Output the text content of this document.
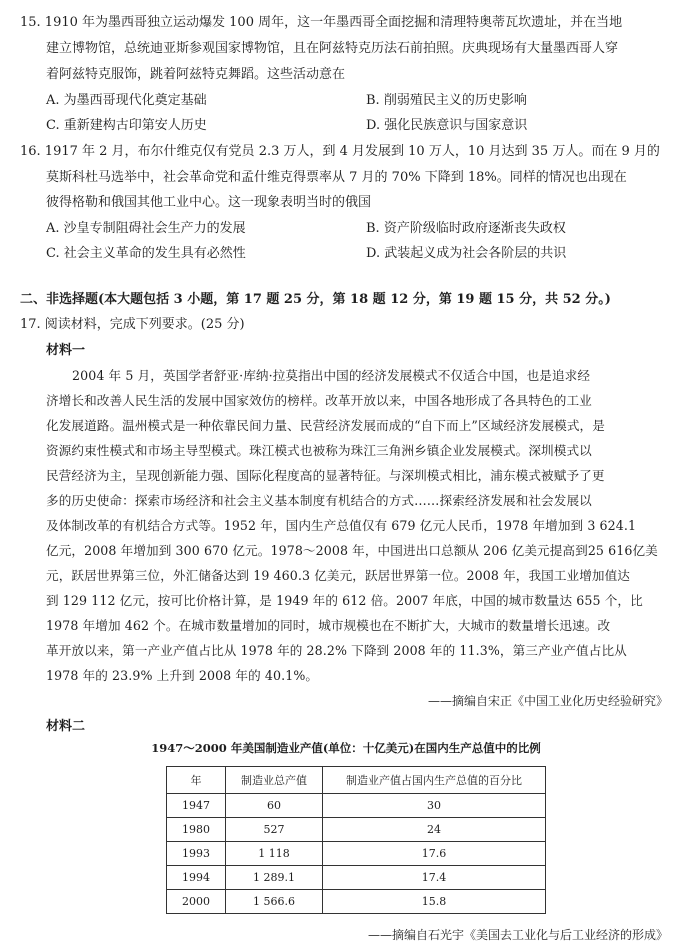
15. 1910 年为墨西哥独立运动爆发 100 周年，这一年墨西哥全面挖掘和清理特奥蒂瓦坎遗址，并在当地
建立博物馆，总统迪亚斯参观国家博物馆，且在阿兹特克历法石前拍照。庆典现场有大量墨西哥人穿
着阿兹特克服饰，跳着阿兹特克舞蹈。这些活动意在
A. 为墨西哥现代化奠定基础	B. 削弱殖民主义的历史影响
C. 重新建构古印第安人历史	D. 强化民族意识与国家意识
16. 1917 年 2 月，布尔什维克仅有党员 2.3 万人，到 4 月发展到 10 万人，10 月达到 35 万人。而在 9 月的
莫斯科杜马选举中，社会革命党和孟什维克得票率从 7 月的 70% 下降到 18%。同样的情况也出现在
彼得格勒和俄国其他工业中心。这一现象表明当时的俄国
A. 沙皇专制阻碍社会生产力的发展	B. 资产阶级临时政府逐渐丧失政权
C. 社会主义革命的发生具有必然性	D. 武装起义成为社会各阶层的共识
二、非选择题(本大题包括 3 小题，第 17 题 25 分，第 18 题 12 分，第 19 题 15 分，共 52 分。)
17. 阅读材料，完成下列要求。(25 分)
材料一
2004 年 5 月，英国学者舒亚·库纳·拉莫指出中国的经济发展模式不仅适合中国，也是追求经
济增长和改善人民生活的发展中国家效仿的榜样。改革开放以来，中国各地形成了各具特色的工业
化发展道路。温州模式是一种依靠民间力量、民营经济发展而成的“自下而上”区域经济发展模式，是
资源约束性模式和市场主导型模式。珠江模式也被称为珠江三角洲乡镇企业发展模式。深圳模式以
民营经济为主，呈现创新能力强、国际化程度高的显著特征。与深圳模式相比，浦东模式被赋予了更
多的历史使命：探索市场经济和社会主义基本制度有机结合的方式……探索经济发展和社会发展以
及体制改革的有机结合方式等。1952 年，国内生产总值仅有 679 亿元人民币，1978 年增加到 3 624.1
亿元，2008 年增加到 300 670 亿元。1978～2008 年，中国进出口总额从 206 亿美元提高到25 616亿美
元，跃居世界第三位，外汇储备达到 19 460.3 亿美元，跃居世界第一位。2008 年，我国工业增加值达
到 129 112 亿元，按可比价格计算，是 1949 年的 612 倍。2007 年底，中国的城市数量达 655 个，比
1978 年增加 462 个。在城市数量增加的同时，城市规模也在不断扩大，大城市的数量增长迅速。改
革开放以来，第一产业产值占比从 1978 年的 28.2% 下降到 2008 年的 11.3%，第三产业产值占比从
1978 年的 23.9% 上升到 2008 年的 40.1%。
——摘编自宋正《中国工业化历史经验研究》
材料二
1947～2000 年美国制造业产值(单位：十亿美元)在国内生产总值中的比例
年	制造业总产值	制造业产值占国内生产总值的百分比
1947	60	30
1980	527	24
1993	1 118	17.6
1994	1 289.1	17.4
2000	1 566.6	15.8
——摘编自石光宇《美国去工业化与后工业经济的形成》
